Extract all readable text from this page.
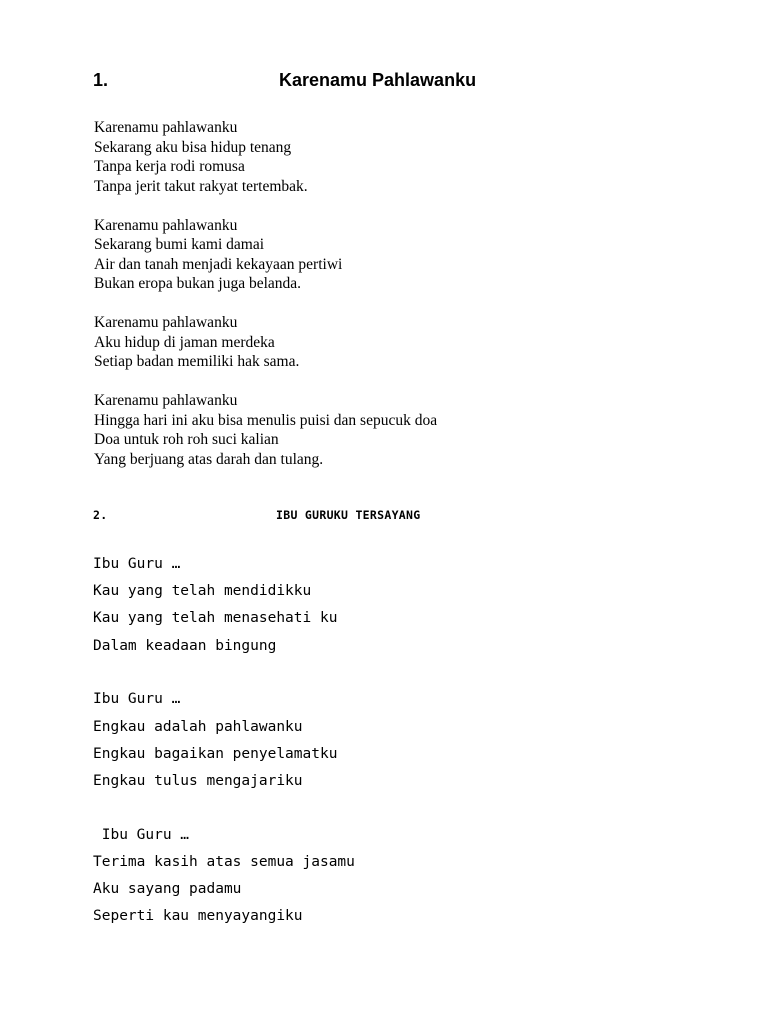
1.	Karenamu Pahlawanku
Karenamu pahlawanku
Sekarang aku bisa hidup tenang
Tanpa kerja rodi romusa
Tanpa jerit takut rakyat tertembak.
Karenamu pahlawanku
Sekarang bumi kami damai
Air dan tanah menjadi kekayaan pertiwi
Bukan eropa bukan juga belanda.
Karenamu pahlawanku
Aku hidup di jaman merdeka
Setiap badan memiliki hak sama.
Karenamu pahlawanku
Hingga hari ini aku bisa menulis puisi dan sepucuk doa
Doa untuk roh roh suci kalian
Yang berjuang atas darah dan tulang.
2.	IBU GURUKU TERSAYANG
Ibu Guru …
Kau yang telah mendidikku
Kau yang telah menasehati ku
Dalam keadaan bingung
Ibu Guru …
Engkau adalah pahlawanku
Engkau bagaikan penyelamatku
Engkau tulus mengajariku
Ibu Guru …
Terima kasih atas semua jasamu
Aku sayang padamu
Seperti kau menyayangiku
